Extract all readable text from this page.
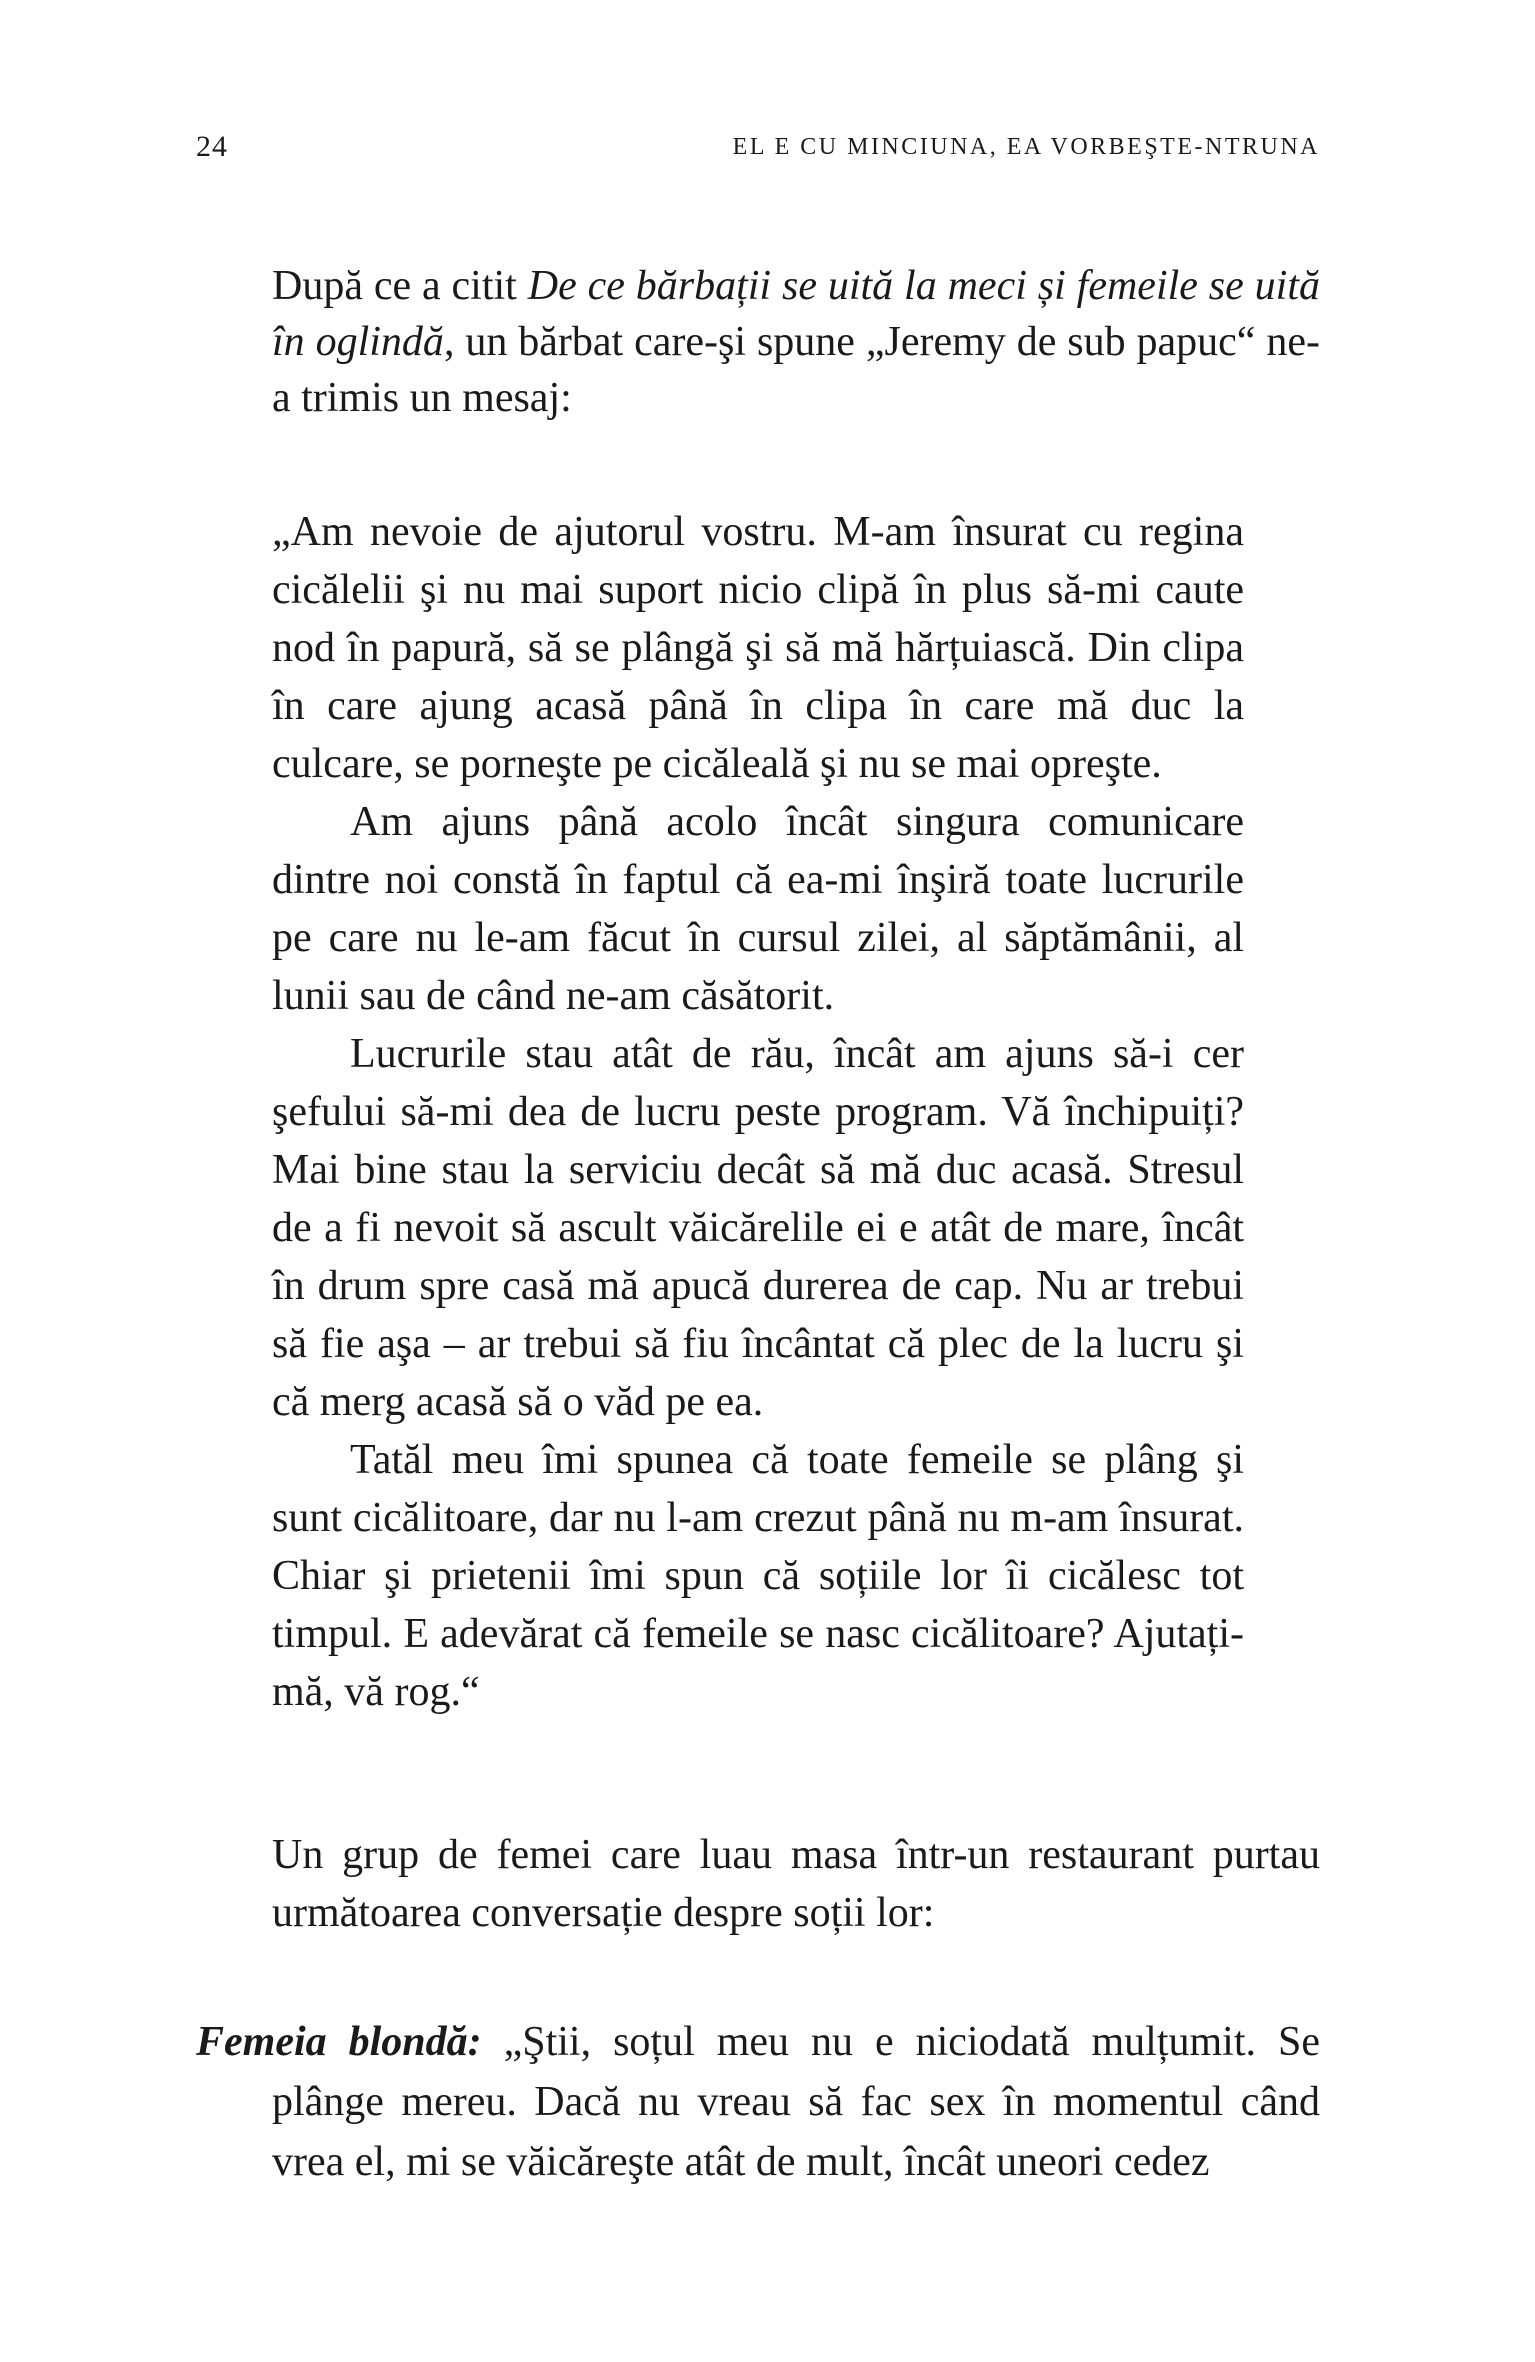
24	EL E CU MINCIUNA, EA VORBEŞTE-NTRUNA

După ce a citit De ce bărbații se uită la meci și femeile se uită în oglindă, un bărbat care-şi spune „Jeremy de sub papuc“ ne-a trimis un mesaj:

„Am nevoie de ajutorul vostru. M-am însurat cu regina cicălelii şi nu mai suport nicio clipă în plus să-mi caute nod în papură, să se plângă şi să mă hărțuiască. Din clipa în care ajung acasă până în clipa în care mă duc la culcare, se porneşte pe cicăleală şi nu se mai opreşte.

Am ajuns până acolo încât singura comunicare dintre noi constă în faptul că ea-mi înşiră toate lucrurile pe care nu le-am făcut în cursul zilei, al săptămânii, al lunii sau de când ne-am căsătorit.

Lucrurile stau atât de rău, încât am ajuns să-i cer şefului să-mi dea de lucru peste program. Vă închipuiți? Mai bine stau la serviciu decât să mă duc acasă. Stresul de a fi nevoit să ascult văicărelile ei e atât de mare, încât în drum spre casă mă apucă durerea de cap. Nu ar trebui să fie aşa – ar trebui să fiu încântat că plec de la lucru şi că merg acasă să o văd pe ea.

Tatăl meu îmi spunea că toate femeile se plâng şi sunt cicălitoare, dar nu l-am crezut până nu m-am însurat. Chiar şi prietenii îmi spun că soțiile lor îi cicălesc tot timpul. E adevărat că femeile se nasc cicălitoare? Ajutați-mă, vă rog.“

Un grup de femei care luau masa într-un restaurant purtau următoarea conversație despre soții lor:

Femeia blondă: „Ştii, soțul meu nu e niciodată mulțumit. Se plânge mereu. Dacă nu vreau să fac sex în momentul când vrea el, mi se văicăreşte atât de mult, încât uneori cedez
